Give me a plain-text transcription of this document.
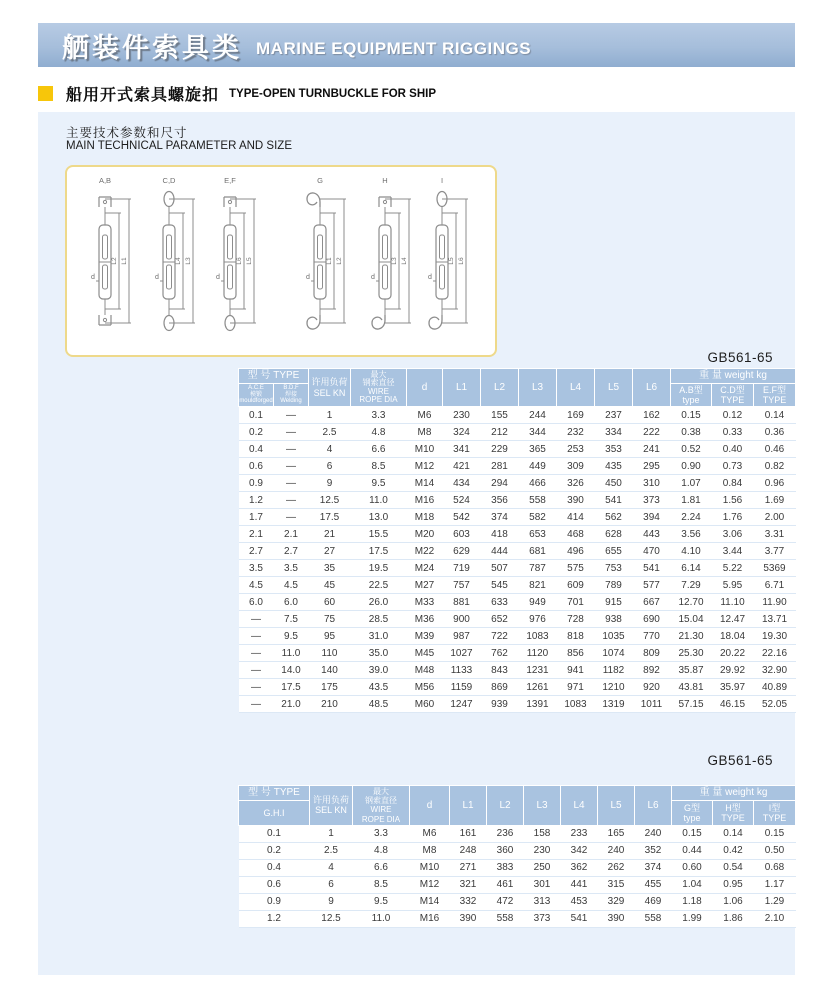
舾装件索具类 MARINE EQUIPMENT RIGGINGS
船用开式索具螺旋扣 TYPE-OPEN TURNBUCKLE FOR SHIP
主要技术参数和尺寸
MAIN TECHNICAL PARAMETER AND SIZE
A,B
d
L2 L1
C,D
d
L4 L3
E,F
d
L6 L5
G
d
L1 L2
H
d
L3 L4
I
d
L5 L6
GB561-65
型 号 TYPE		许用负荷
SEL KN	最大
钢索直径
WIRE
ROPE DIA	d	L1	L2	L3	L4	L5	L6	重 量 weight kg		
A.C.E
模锻
mouldforged	B.D.F
焊接
Welding										A.B型
type	C.D型
TYPE	E.F型
TYPE
0.1	—	1	3.3	M6	230	155	244	169	237	162	0.15	0.12	0.14
0.2	—	2.5	4.8	M8	324	212	344	232	334	222	0.38	0.33	0.36
0.4	—	4	6.6	M10	341	229	365	253	353	241	0.52	0.40	0.46
0.6	—	6	8.5	M12	421	281	449	309	435	295	0.90	0.73	0.82
0.9	—	9	9.5	M14	434	294	466	326	450	310	1.07	0.84	0.96
1.2	—	12.5	11.0	M16	524	356	558	390	541	373	1.81	1.56	1.69
1.7	—	17.5	13.0	M18	542	374	582	414	562	394	2.24	1.76	2.00
2.1	2.1	21	15.5	M20	603	418	653	468	628	443	3.56	3.06	3.31
2.7	2.7	27	17.5	M22	629	444	681	496	655	470	4.10	3.44	3.77
3.5	3.5	35	19.5	M24	719	507	787	575	753	541	6.14	5.22	5369
4.5	4.5	45	22.5	M27	757	545	821	609	789	577	7.29	5.95	6.71
6.0	6.0	60	26.0	M33	881	633	949	701	915	667	12.70	11.10	11.90
—	7.5	75	28.5	M36	900	652	976	728	938	690	15.04	12.47	13.71
—	9.5	95	31.0	M39	987	722	1083	818	1035	770	21.30	18.04	19.30
—	11.0	110	35.0	M45	1027	762	1120	856	1074	809	25.30	20.22	22.16
—	14.0	140	39.0	M48	1133	843	1231	941	1182	892	35.87	29.92	32.90
—	17.5	175	43.5	M56	1159	869	1261	971	1210	920	43.81	35.97	40.89
—	21.0	210	48.5	M60	1247	939	1391	1083	1319	1011	57.15	46.15	52.05
GB561-65
型 号 TYPE	许用负荷
SEL KN	最大
钢索直径
WIRE
ROPE DIA	d	L1	L2	L3	L4	L5	L6	重 量 weight kg		
G.H.I										G型
type	H型
TYPE	I型
TYPE
0.1	1	3.3	M6	161	236	158	233	165	240	0.15	0.14	0.15
0.2	2.5	4.8	M8	248	360	230	342	240	352	0.44	0.42	0.50
0.4	4	6.6	M10	271	383	250	362	262	374	0.60	0.54	0.68
0.6	6	8.5	M12	321	461	301	441	315	455	1.04	0.95	1.17
0.9	9	9.5	M14	332	472	313	453	329	469	1.18	1.06	1.29
1.2	12.5	11.0	M16	390	558	373	541	390	558	1.99	1.86	2.10
